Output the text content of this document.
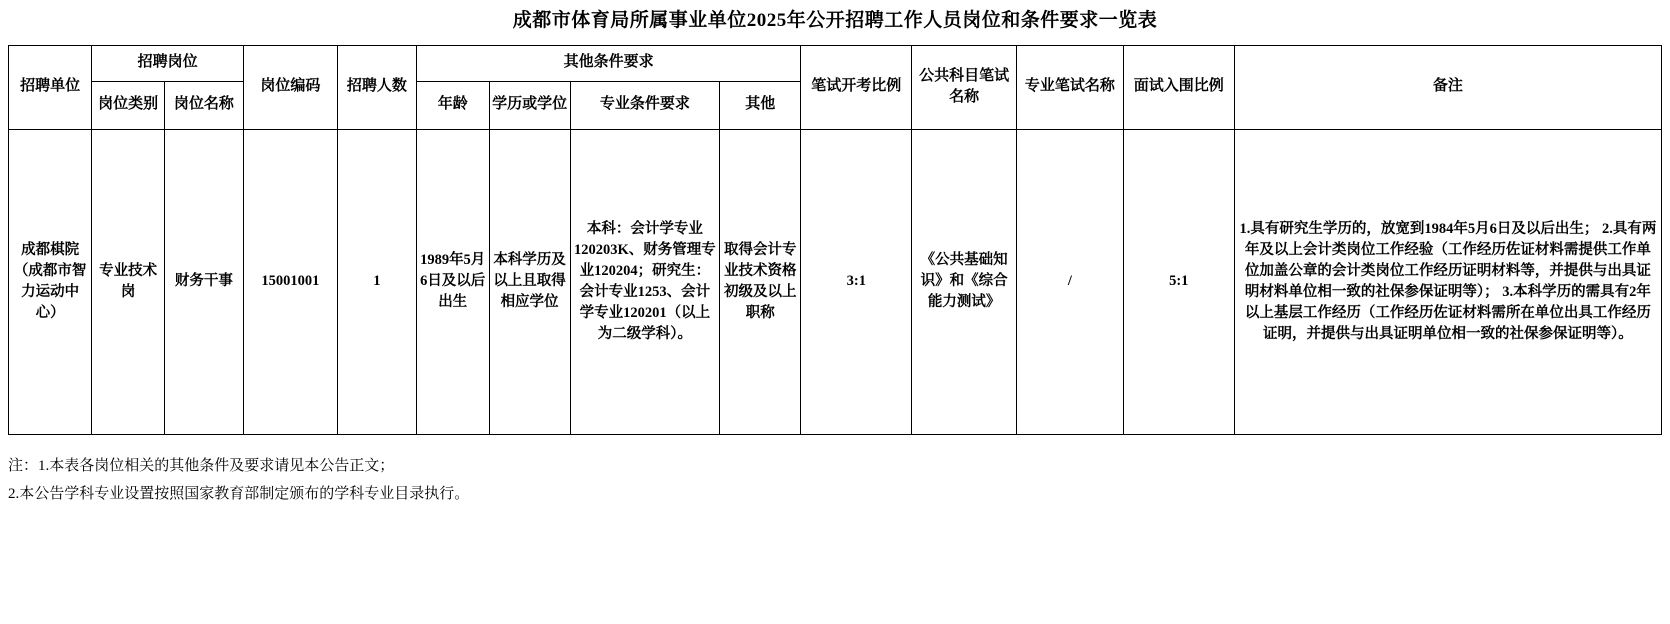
成都市体育局所属事业单位2025年公开招聘工作人员岗位和条件要求一览表
招聘单位	招聘岗位		岗位编码	招聘人数	其他条件要求				笔试开考比例	公共科目笔试名称	专业笔试名称	面试入围比例	备注
	岗位类别	岗位名称			年龄	学历或学位	专业条件要求	其他					
成都棋院（成都市智力运动中心）	专业技术岗	财务干事	15001001	1	1989年5月6日及以后出生	本科学历及以上且取得相应学位	本科：会计学专业120203K、财务管理专业120204；研究生：会计专业1253、会计学专业120201（以上为二级学科）。	取得会计专业技术资格初级及以上职称	3:1	《公共基础知识》和《综合能力测试》	/	5:1	1.具有研究生学历的，放宽到1984年5月6日及以后出生； 2.具有两年及以上会计类岗位工作经验（工作经历佐证材料需提供工作单位加盖公章的会计类岗位工作经历证明材料等，并提供与出具证明材料单位相一致的社保参保证明等）； 3.本科学历的需具有2年以上基层工作经历（工作经历佐证材料需所在单位出具工作经历证明，并提供与出具证明单位相一致的社保参保证明等）。
注：1.本表各岗位相关的其他条件及要求请见本公告正文；
2.本公告学科专业设置按照国家教育部制定颁布的学科专业目录执行。
